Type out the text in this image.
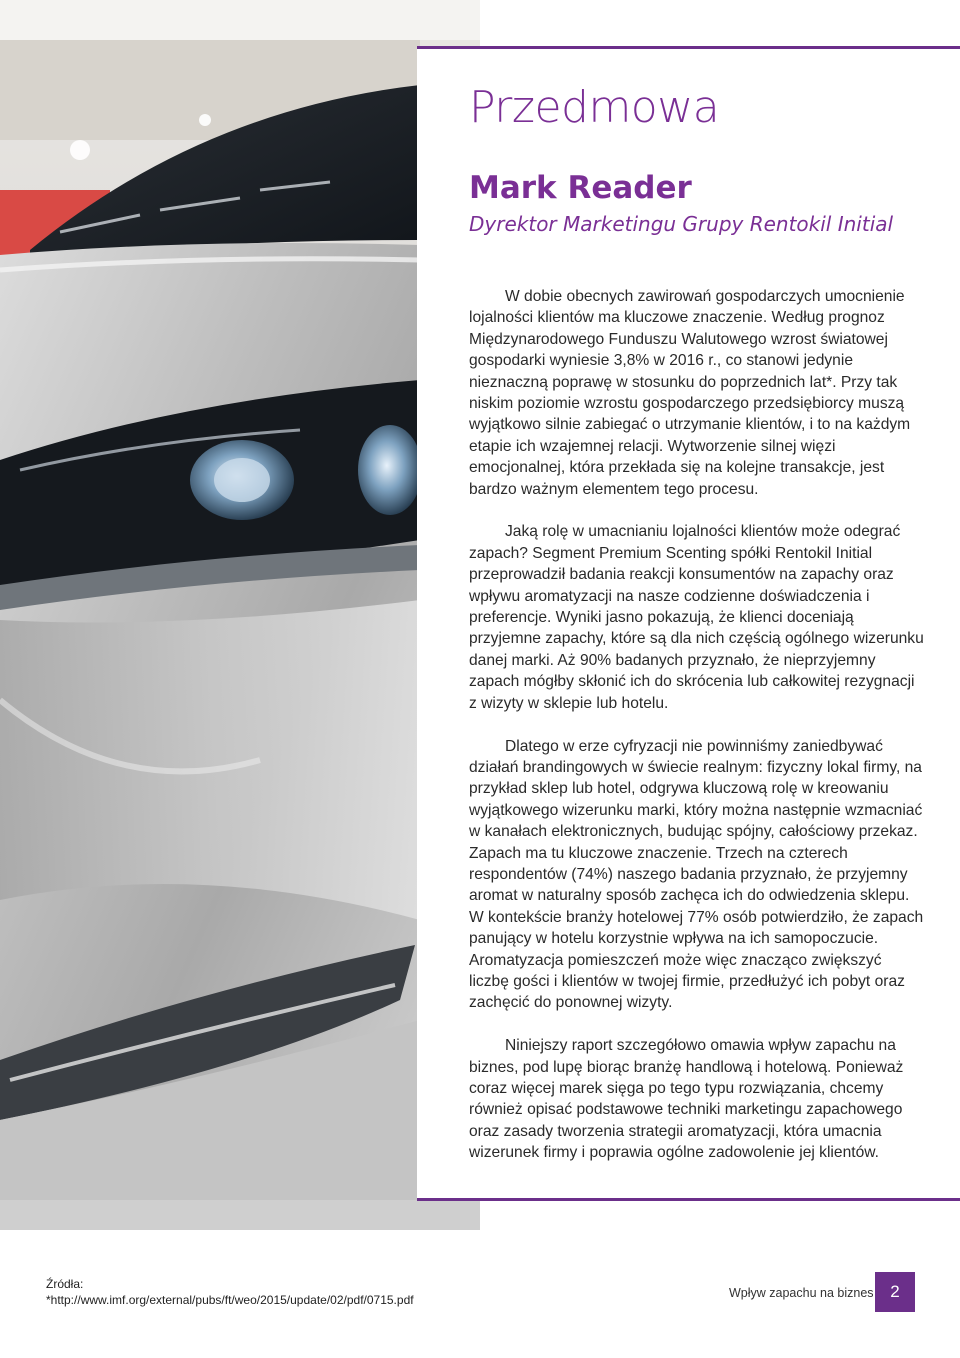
Przedmowa
Mark Reader
Dyrektor Marketingu Grupy Rentokil Initial

W dobie obecnych zawirowań gospodarczych umocnienie lojalności klientów ma kluczowe znaczenie. Według prognoz Międzynarodowego Funduszu Walutowego wzrost światowej gospodarki wyniesie 3,8% w 2016 r., co stanowi jedynie nieznaczną poprawę w stosunku do poprzednich lat*. Przy tak niskim poziomie wzrostu gospodarczego przedsiębiorcy muszą wyjątkowo silnie zabiegać o utrzymanie klientów, i to na każdym etapie ich wzajemnej relacji. Wytworzenie silnej więzi emocjonalnej, która przekłada się na kolejne transakcje, jest bardzo ważnym elementem tego procesu.

Jaką rolę w umacnianiu lojalności klientów może odegrać zapach? Segment Premium Scenting spółki Rentokil Initial przeprowadził badania reakcji konsumentów na zapachy oraz wpływu aromatyzacji na nasze codzienne doświadczenia i preferencje. Wyniki jasno pokazują, że klienci doceniają przyjemne zapachy, które są dla nich częścią ogólnego wizerunku danej marki. Aż 90% badanych przyznało, że nieprzyjemny zapach mógłby skłonić ich do skrócenia lub całkowitej rezygnacji z wizyty w sklepie lub hotelu.

Dlatego w erze cyfryzacji nie powinniśmy zaniedbywać działań brandingowych w świecie realnym: fizyczny lokal firmy, na przykład sklep lub hotel, odgrywa kluczową rolę w kreowaniu wyjątkowego wizerunku marki, który można następnie wzmacniać w kanałach elektronicznych, budując spójny, całościowy przekaz. Zapach ma tu kluczowe znaczenie. Trzech na czterech respondentów (74%) naszego badania przyznało, że przyjemny aromat w naturalny sposób zachęca ich do odwiedzenia sklepu. W kontekście branży hotelowej 77% osób potwierdziło, że zapach panujący w hotelu korzystnie wpływa na ich samopoczucie. Aromatyzacja pomieszczeń może więc znacząco zwiększyć liczbę gości i klientów w twojej firmie, przedłużyć ich pobyt oraz zachęcić do ponownej wizyty.

Niniejszy raport szczegółowo omawia wpływ zapachu na biznes, pod lupę biorąc branżę handlową i hotelową. Ponieważ coraz więcej marek sięga po tego typu rozwiązania, chcemy również opisać podstawowe techniki marketingu zapachowego oraz zasady tworzenia strategii aromatyzacji, która umacnia wizerunek firmy i poprawia ogólne zadowolenie jej klientów.

Źródła:
*http://www.imf.org/external/pubs/ft/weo/2015/update/02/pdf/0715.pdf	Wpływ zapachu na biznes 2
